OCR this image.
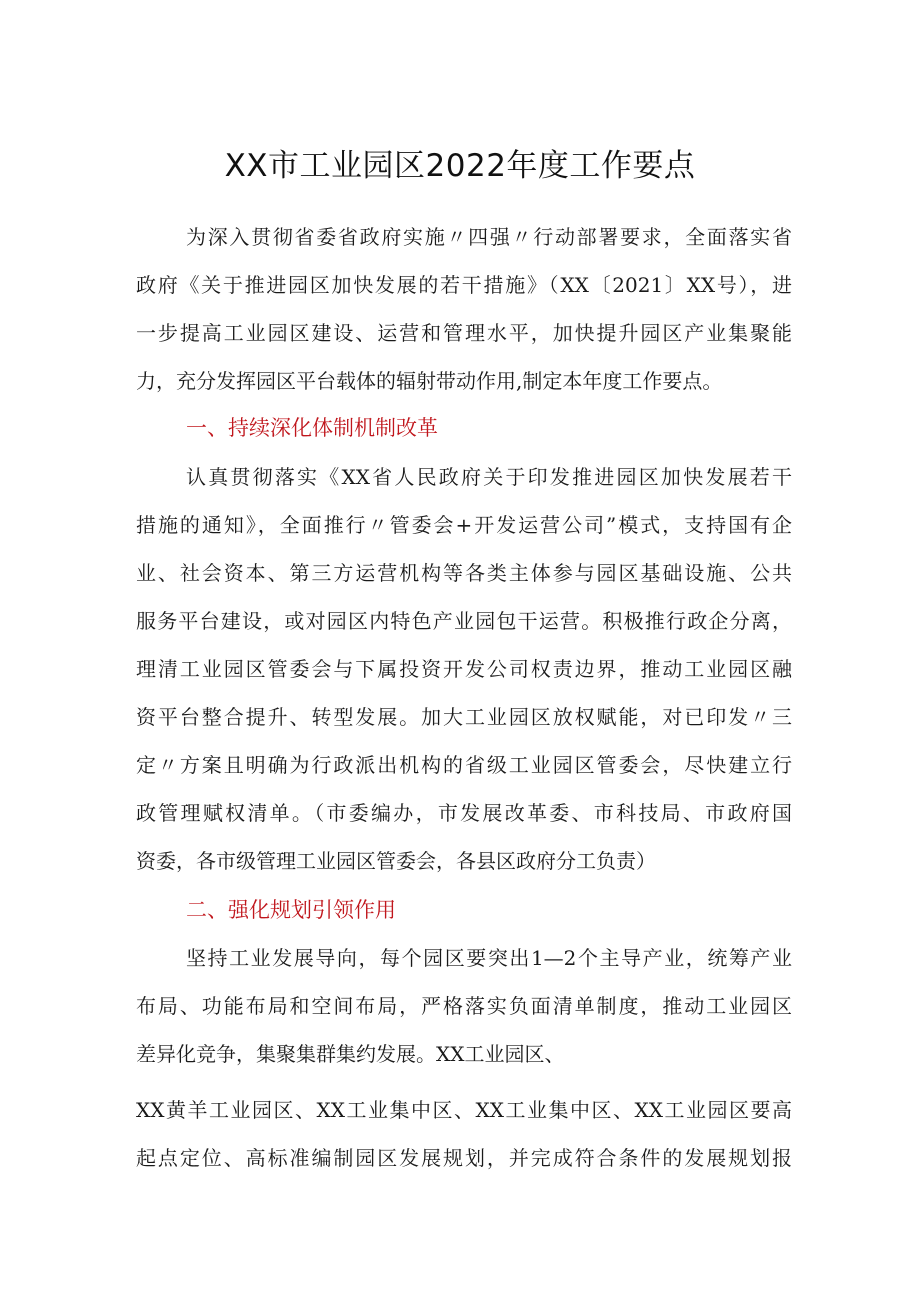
XX市工业园区2022年度工作要点
为深入贯彻省委省政府实施〃四强〃行动部署要求，全面落实省
政府《关于推进园区加快发展的若干措施》（XX〔2021〕XX号），进
一步提高工业园区建设、运营和管理水平，加快提升园区产业集聚能
力，充分发挥园区平台载体的辐射带动作用,制定本年度工作要点。
一、持续深化体制机制改革
认真贯彻落实《XX省人民政府关于印发推进园区加快发展若干
措施的通知》，全面推行〃管委会+开发运营公司”模式，支持国有企
业、社会资本、第三方运营机构等各类主体参与园区基础设施、公共
服务平台建设，或对园区内特色产业园包干运营。积极推行政企分离，
理清工业园区管委会与下属投资开发公司权责边界，推动工业园区融
资平台整合提升、转型发展。加大工业园区放权赋能，对已印发〃三
定〃方案且明确为行政派出机构的省级工业园区管委会，尽快建立行
政管理赋权清单。（市委编办，市发展改革委、市科技局、市政府国
资委，各市级管理工业园区管委会，各县区政府分工负责）
二、强化规划引领作用
坚持工业发展导向，每个园区要突出1—2个主导产业，统筹产业
布局、功能布局和空间布局，严格落实负面清单制度，推动工业园区
差异化竞争，集聚集群集约发展。XX工业园区、
XX黄羊工业园区、XX工业集中区、XX工业集中区、XX工业园区要高
起点定位、高标准编制园区发展规划，并完成符合条件的发展规划报
